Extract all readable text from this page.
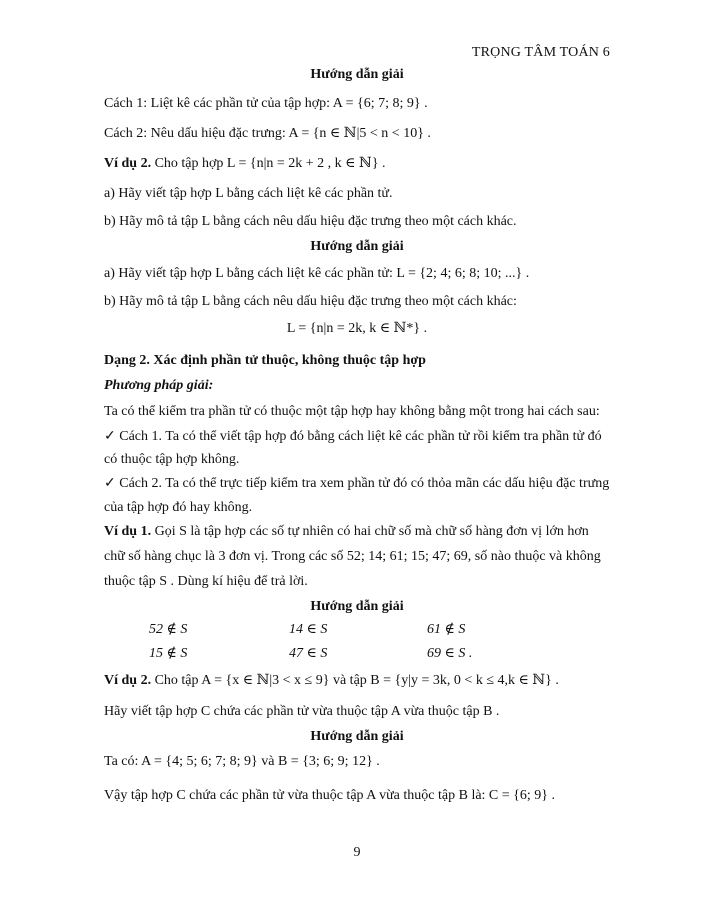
TRỌNG TÂM TOÁN 6
Hướng dẫn giải
Cách 1: Liệt kê các phần tử của tập hợp: A = {6; 7; 8; 9} .
Cách 2: Nêu dấu hiệu đặc trưng: A = {n ∈ ℕ|5 < n < 10} .
Ví dụ 2. Cho tập hợp L = {n|n = 2k + 2 , k ∈ ℕ} .
a) Hãy viết tập hợp L bằng cách liệt kê các phần tử.
b) Hãy mô tả tập L bằng cách nêu dấu hiệu đặc trưng theo một cách khác.
Hướng dẫn giải
a) Hãy viết tập hợp L bằng cách liệt kê các phần tử: L = {2; 4; 6; 8; 10; ...} .
b) Hãy mô tả tập L bằng cách nêu dấu hiệu đặc trưng theo một cách khác:
L = {n|n = 2k, k ∈ ℕ*} .
Dạng 2. Xác định phần tử thuộc, không thuộc tập hợp
Phương pháp giải:
Ta có thể kiểm tra phần tử có thuộc một tập hợp hay không bằng một trong hai cách sau:
✓ Cách 1. Ta có thể viết tập hợp đó bằng cách liệt kê các phần tử rồi kiểm tra phần tử đó
có thuộc tập hợp không.
✓ Cách 2. Ta có thể trực tiếp kiểm tra xem phần tử đó có thỏa mãn các dấu hiệu đặc trưng
của tập hợp đó hay không.
Ví dụ 1. Gọi S là tập hợp các số tự nhiên có hai chữ số mà chữ số hàng đơn vị lớn hơn
chữ số hàng chục là 3 đơn vị. Trong các số 52; 14; 61; 15; 47; 69, số nào thuộc và không
thuộc tập S . Dùng kí hiệu để trả lời.
Hướng dẫn giải
52 ∉ S	14 ∈ S	61 ∉ S
15 ∉ S	47 ∈ S	69 ∈ S .
Ví dụ 2. Cho tập A = {x ∈ ℕ|3 < x ≤ 9} và tập B = {y|y = 3k, 0 < k ≤ 4,k ∈ ℕ} .
Hãy viết tập hợp C chứa các phần tử vừa thuộc tập A vừa thuộc tập B .
Hướng dẫn giải
Ta có: A = {4; 5; 6; 7; 8; 9} và B = {3; 6; 9; 12} .
Vậy tập hợp C chứa các phần tử vừa thuộc tập A vừa thuộc tập B là: C = {6; 9} .
9
